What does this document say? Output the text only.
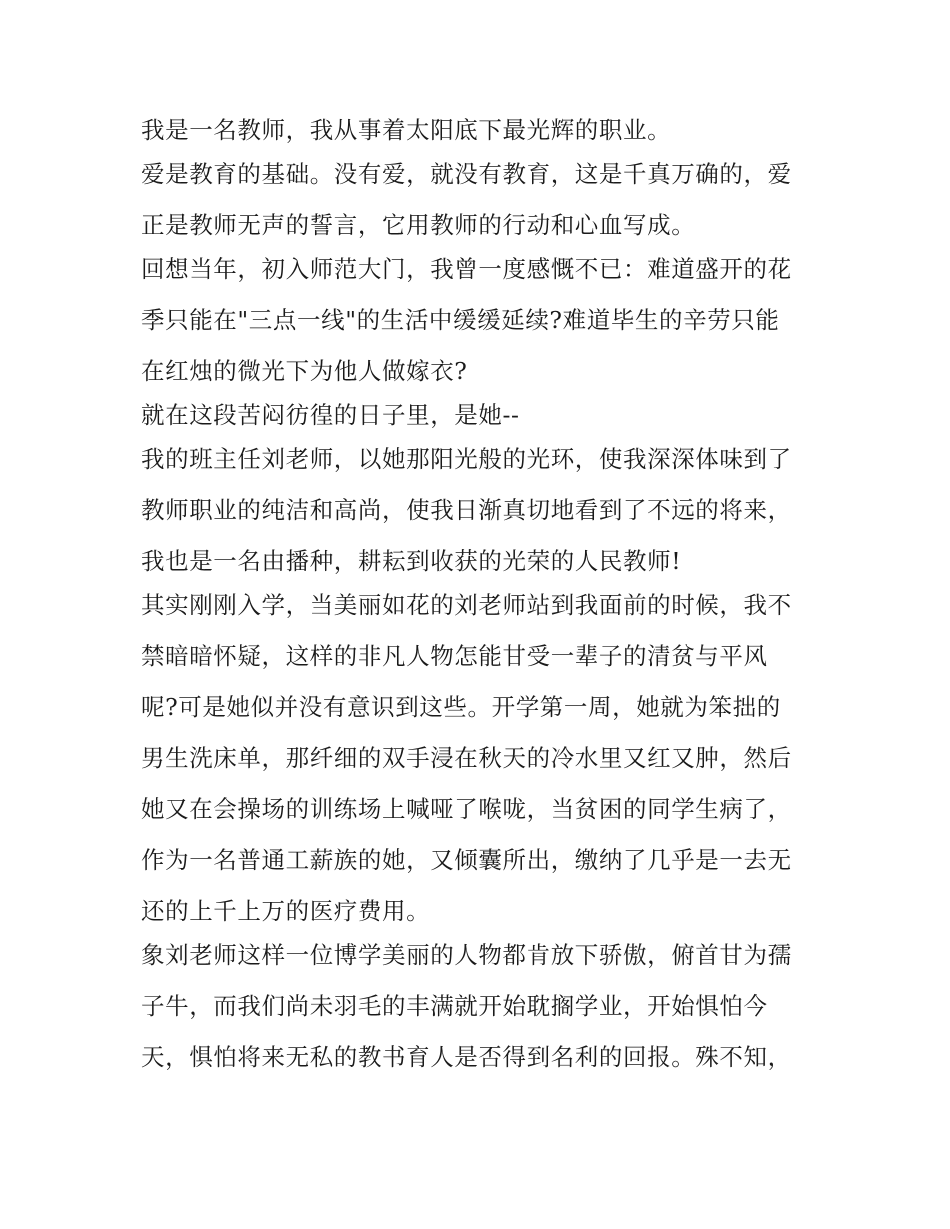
我是一名教师，我从事着太阳底下最光辉的职业。
爱是教育的基础。没有爱，就没有教育，这是千真万确的，爱
正是教师无声的誓言，它用教师的行动和心血写成。
回想当年，初入师范大门，我曾一度感慨不已：难道盛开的花
季只能在"三点一线"的生活中缓缓延续?难道毕生的辛劳只能
在红烛的微光下为他人做嫁衣?
就在这段苦闷彷徨的日子里，是她--
我的班主任刘老师，以她那阳光般的光环，使我深深体味到了
教师职业的纯洁和高尚，使我日渐真切地看到了不远的将来，
我也是一名由播种，耕耘到收获的光荣的人民教师!
其实刚刚入学，当美丽如花的刘老师站到我面前的时候，我不
禁暗暗怀疑，这样的非凡人物怎能甘受一辈子的清贫与平风
呢?可是她似并没有意识到这些。开学第一周，她就为笨拙的
男生洗床单，那纤细的双手浸在秋天的冷水里又红又肿，然后
她又在会操场的训练场上喊哑了喉咙，当贫困的同学生病了，
作为一名普通工薪族的她，又倾囊所出，缴纳了几乎是一去无
还的上千上万的医疗费用。
象刘老师这样一位博学美丽的人物都肯放下骄傲，俯首甘为孺
子牛，而我们尚未羽毛的丰满就开始耽搁学业，开始惧怕今
天，惧怕将来无私的教书育人是否得到名利的回报。殊不知，
